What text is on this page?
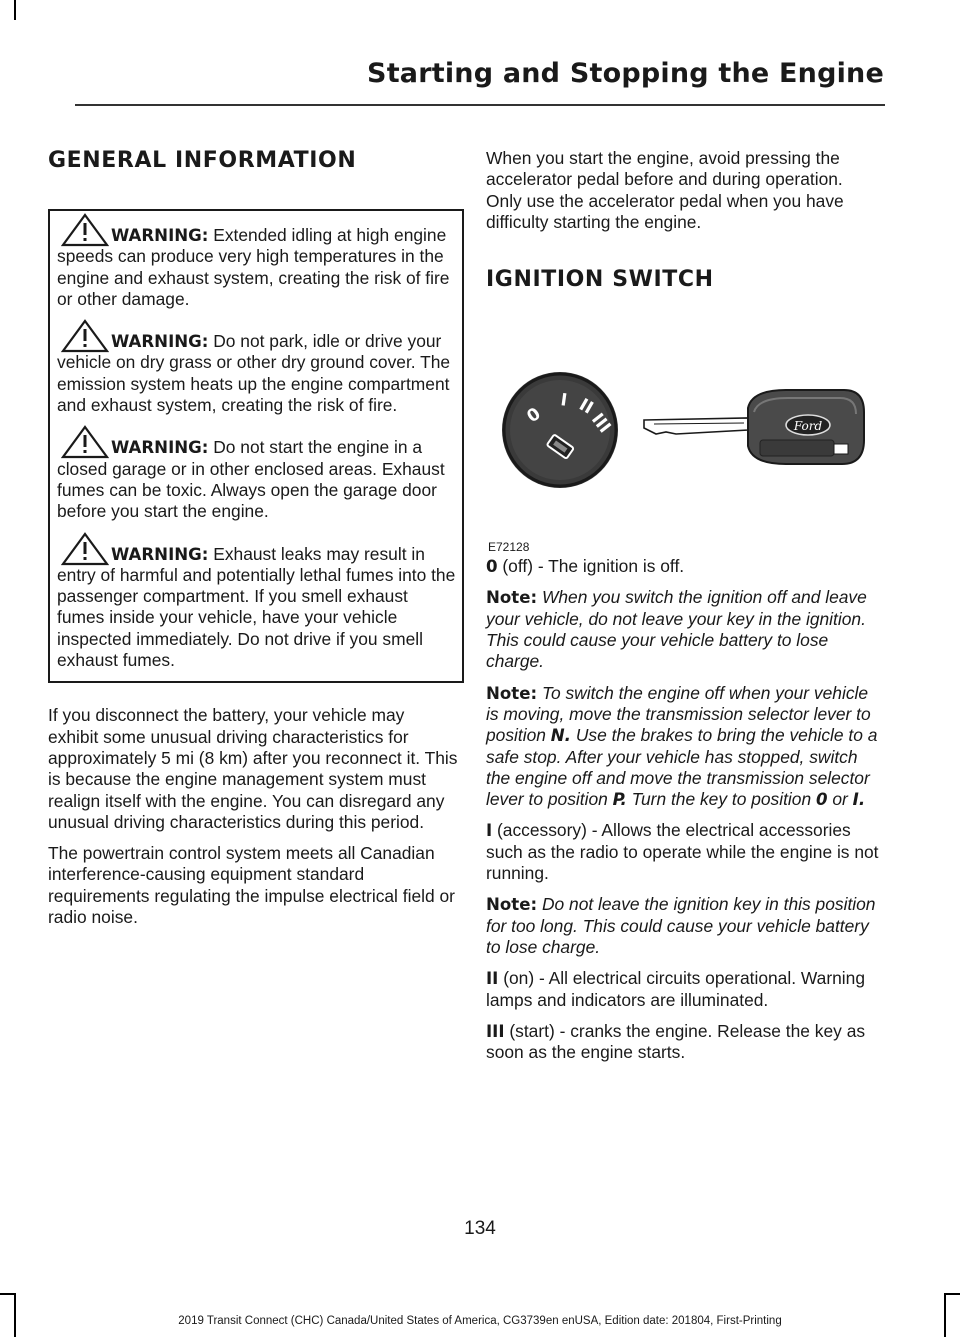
Starting and Stopping the Engine
GENERAL INFORMATION

WARNING: Extended idling at high engine speeds can produce very high temperatures in the engine and exhaust system, creating the risk of fire or other damage.

WARNING: Do not park, idle or drive your vehicle on dry grass or other dry ground cover. The emission system heats up the engine compartment and exhaust system, creating the risk of fire.

WARNING: Do not start the engine in a closed garage or in other enclosed areas. Exhaust fumes can be toxic. Always open the garage door before you start the engine.

WARNING: Exhaust leaks may result in entry of harmful and potentially lethal fumes into the passenger compartment. If you smell exhaust fumes inside your vehicle, have your vehicle inspected immediately. Do not drive if you smell exhaust fumes.

If you disconnect the battery, your vehicle may exhibit some unusual driving characteristics for approximately 5 mi (8 km) after you reconnect it. This is because the engine management system must realign itself with the engine. You can disregard any unusual driving characteristics during this period.

The powertrain control system meets all Canadian interference-causing equipment standard requirements regulating the impulse electrical field or radio noise.

When you start the engine, avoid pressing the accelerator pedal before and during operation. Only use the accelerator pedal when you have difficulty starting the engine.

IGNITION SWITCH
0
I II
III	Ford
E72128

0 (off) - The ignition is off.

Note: When you switch the ignition off and leave your vehicle, do not leave your key in the ignition. This could cause your vehicle battery to lose charge.

Note: To switch the engine off when your vehicle is moving, move the transmission selector lever to position N. Use the brakes to bring the vehicle to a safe stop. After your vehicle has stopped, switch the engine off and move the transmission selector lever to position P. Turn the key to position 0 or I.

I (accessory) - Allows the electrical accessories such as the radio to operate while the engine is not running.

Note: Do not leave the ignition key in this position for too long. This could cause your vehicle battery to lose charge.

II (on) - All electrical circuits operational. Warning lamps and indicators are illuminated.

III (start) - cranks the engine. Release the key as soon as the engine starts.

134
2019 Transit Connect (CHC) Canada/United States of America, CG3739en enUSA, Edition date: 201804, First-Printing
